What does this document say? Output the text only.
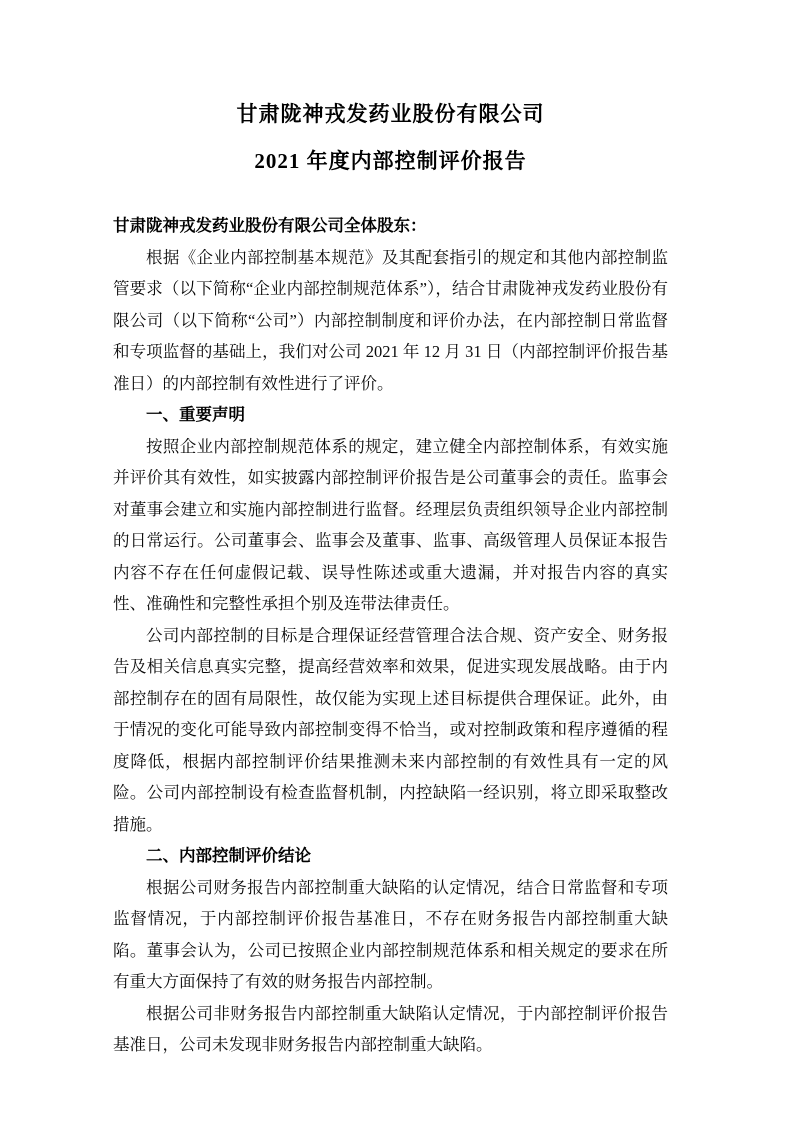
甘肃陇神戎发药业股份有限公司
2021 年度内部控制评价报告
甘肃陇神戎发药业股份有限公司全体股东：

根据《企业内部控制基本规范》及其配套指引的规定和其他内部控制监管要求（以下简称“企业内部控制规范体系”），结合甘肃陇神戎发药业股份有限公司（以下简称“公司”）内部控制制度和评价办法，在内部控制日常监督和专项监督的基础上，我们对公司 2021 年 12 月 31 日（内部控制评价报告基准日）的内部控制有效性进行了评价。

一、重要声明

按照企业内部控制规范体系的规定，建立健全内部控制体系，有效实施并评价其有效性，如实披露内部控制评价报告是公司董事会的责任。监事会对董事会建立和实施内部控制进行监督。经理层负责组织领导企业内部控制的日常运行。公司董事会、监事会及董事、监事、高级管理人员保证本报告内容不存在任何虚假记载、误导性陈述或重大遗漏，并对报告内容的真实性、准确性和完整性承担个别及连带法律责任。

公司内部控制的目标是合理保证经营管理合法合规、资产安全、财务报告及相关信息真实完整，提高经营效率和效果，促进实现发展战略。由于内部控制存在的固有局限性，故仅能为实现上述目标提供合理保证。此外，由于情况的变化可能导致内部控制变得不恰当，或对控制政策和程序遵循的程度降低，根据内部控制评价结果推测未来内部控制的有效性具有一定的风险。公司内部控制设有检查监督机制，内控缺陷一经识别，将立即采取整改措施。

二、内部控制评价结论

根据公司财务报告内部控制重大缺陷的认定情况，结合日常监督和专项监督情况，于内部控制评价报告基准日，不存在财务报告内部控制重大缺陷。董事会认为，公司已按照企业内部控制规范体系和相关规定的要求在所有重大方面保持了有效的财务报告内部控制。

根据公司非财务报告内部控制重大缺陷认定情况，于内部控制评价报告基准日，公司未发现非财务报告内部控制重大缺陷。
